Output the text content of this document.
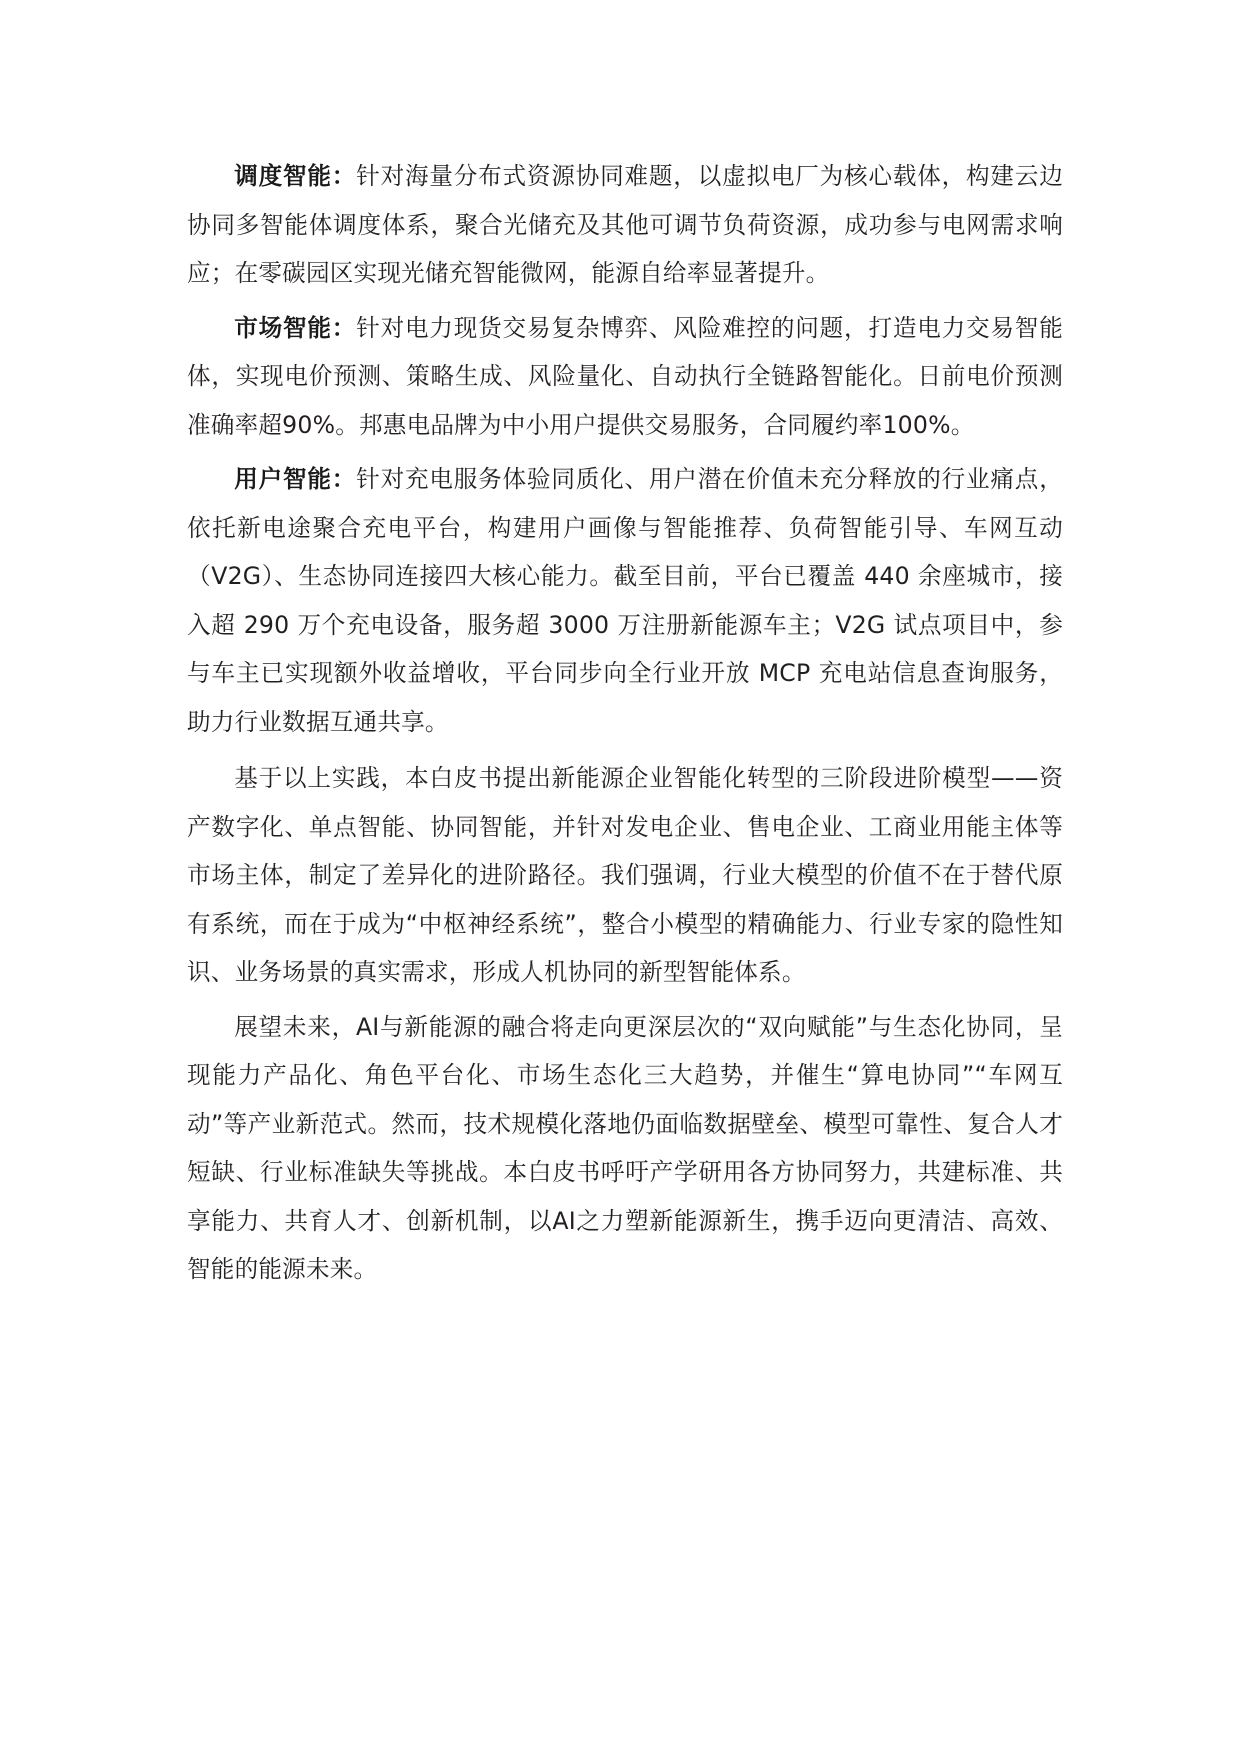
调度智能：针对海量分布式资源协同难题，以虚拟电厂为核心载体，构建云边协同多智能体调度体系，聚合光储充及其他可调节负荷资源，成功参与电网需求响应；在零碳园区实现光储充智能微网，能源自给率显著提升。

市场智能：针对电力现货交易复杂博弈、风险难控的问题，打造电力交易智能体，实现电价预测、策略生成、风险量化、自动执行全链路智能化。日前电价预测准确率超90%。邦惠电品牌为中小用户提供交易服务，合同履约率100%。

用户智能：针对充电服务体验同质化、用户潜在价值未充分释放的行业痛点，依托新电途聚合充电平台，构建用户画像与智能推荐、负荷智能引导、车网互动（V2G）、生态协同连接四大核心能力。截至目前，平台已覆盖 440 余座城市，接入超 290 万个充电设备，服务超 3000 万注册新能源车主；V2G 试点项目中，参与车主已实现额外收益增收，平台同步向全行业开放 MCP 充电站信息查询服务，助力行业数据互通共享。

基于以上实践，本白皮书提出新能源企业智能化转型的三阶段进阶模型——资产数字化、单点智能、协同智能，并针对发电企业、售电企业、工商业用能主体等市场主体，制定了差异化的进阶路径。我们强调，行业大模型的价值不在于替代原有系统，而在于成为“中枢神经系统”，整合小模型的精确能力、行业专家的隐性知识、业务场景的真实需求，形成人机协同的新型智能体系。

展望未来，AI与新能源的融合将走向更深层次的“双向赋能”与生态化协同，呈现能力产品化、角色平台化、市场生态化三大趋势，并催生“算电协同”“车网互动”等产业新范式。然而，技术规模化落地仍面临数据壁垒、模型可靠性、复合人才短缺、行业标准缺失等挑战。本白皮书呼吁产学研用各方协同努力，共建标准、共享能力、共育人才、创新机制，以AI之力塑新能源新生，携手迈向更清洁、高效、智能的能源未来。
